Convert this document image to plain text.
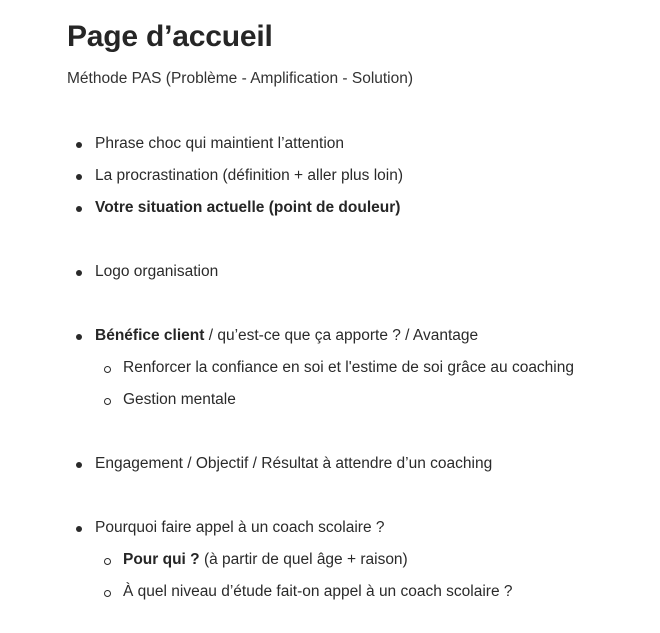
Page d’accueil
Méthode PAS (Problème - Amplification - Solution)
Phrase choc qui maintient l’attention
La procrastination (définition + aller plus loin)
Votre situation actuelle (point de douleur)
Logo organisation
Bénéfice client / qu’est-ce que ça apporte ? / Avantage
Renforcer la confiance en soi et l'estime de soi grâce au coaching
Gestion mentale
Engagement / Objectif / Résultat à attendre d’un coaching
Pourquoi faire appel à un coach scolaire ?
Pour qui ? (à partir de quel âge + raison)
À quel niveau d’étude fait-on appel à un coach scolaire ?
